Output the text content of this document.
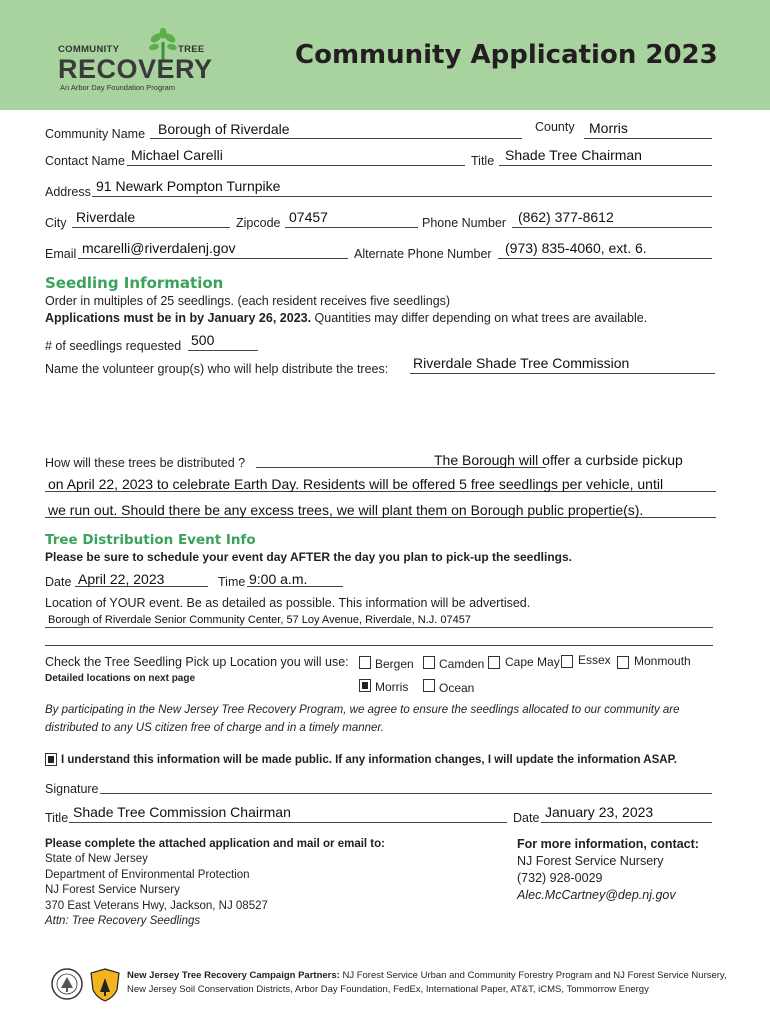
COMMUNITY	TREE
RECOVERY
An Arbor Day Foundation Program
Community Application 2023
Community Name Borough of Riverdale	County Morris
Contact Name Michael Carelli	Title Shade Tree Chairman
Address 91 Newark Pompton Turnpike
City Riverdale	Zipcode 07457	Phone Number (862) 377-8612
Email mcarelli@riverdalenj.gov	Alternate Phone Number (973) 835-4060, ext. 6.
Seedling Information
Order in multiples of 25 seedlings. (each resident receives five seedlings)
Applications must be in by January 26, 2023. Quantities may differ depending on what trees are available.
# of seedlings requested 500
Name the volunteer group(s) who will help distribute the trees: Riverdale Shade Tree Commission
How will these trees be distributed ?	The Borough will offer a curbside pickup
on April 22, 2023 to celebrate Earth Day. Residents will be offered 5 free seedlings per vehicle, until
we run out. Should there be any excess trees, we will plant them on Borough public propertie(s).
Tree Distribution Event Info
Please be sure to schedule your event day AFTER the day you plan to pick-up the seedlings.
Date April 22, 2023	Time 9:00 a.m.
Location of YOUR event. Be as detailed as possible. This information will be advertised.
Borough of Riverdale Senior Community Center, 57 Loy Avenue, Riverdale, N.J. 07457
Check the Tree Seedling Pick up Location you will use:
Detailed locations on next page
Bergen Camden Cape May Essex Monmouth
Morris	Ocean
By participating in the New Jersey Tree Recovery Program, we agree to ensure the seedlings allocated to our community are distributed to any US citizen free of charge and in a timely manner.
I understand this information will be made public. If any information changes, I will update the information ASAP.
Signature
Title Shade Tree Commission Chairman	Date January 23, 2023
Please complete the attached application and mail or email to:
State of New Jersey
Department of Environmental Protection
NJ Forest Service Nursery
370 East Veterans Hwy, Jackson, NJ 08527
Attn: Tree Recovery Seedlings
For more information, contact:
NJ Forest Service Nursery
(732) 928-0029
Alec.McCartney@dep.nj.gov
New Jersey Tree Recovery Campaign Partners: NJ Forest Service Urban and Community Forestry Program and NJ Forest Service Nursery, New Jersey Soil Conservation Districts, Arbor Day Foundation, FedEx, International Paper, AT&T, iCMS, Tommorrow Energy
